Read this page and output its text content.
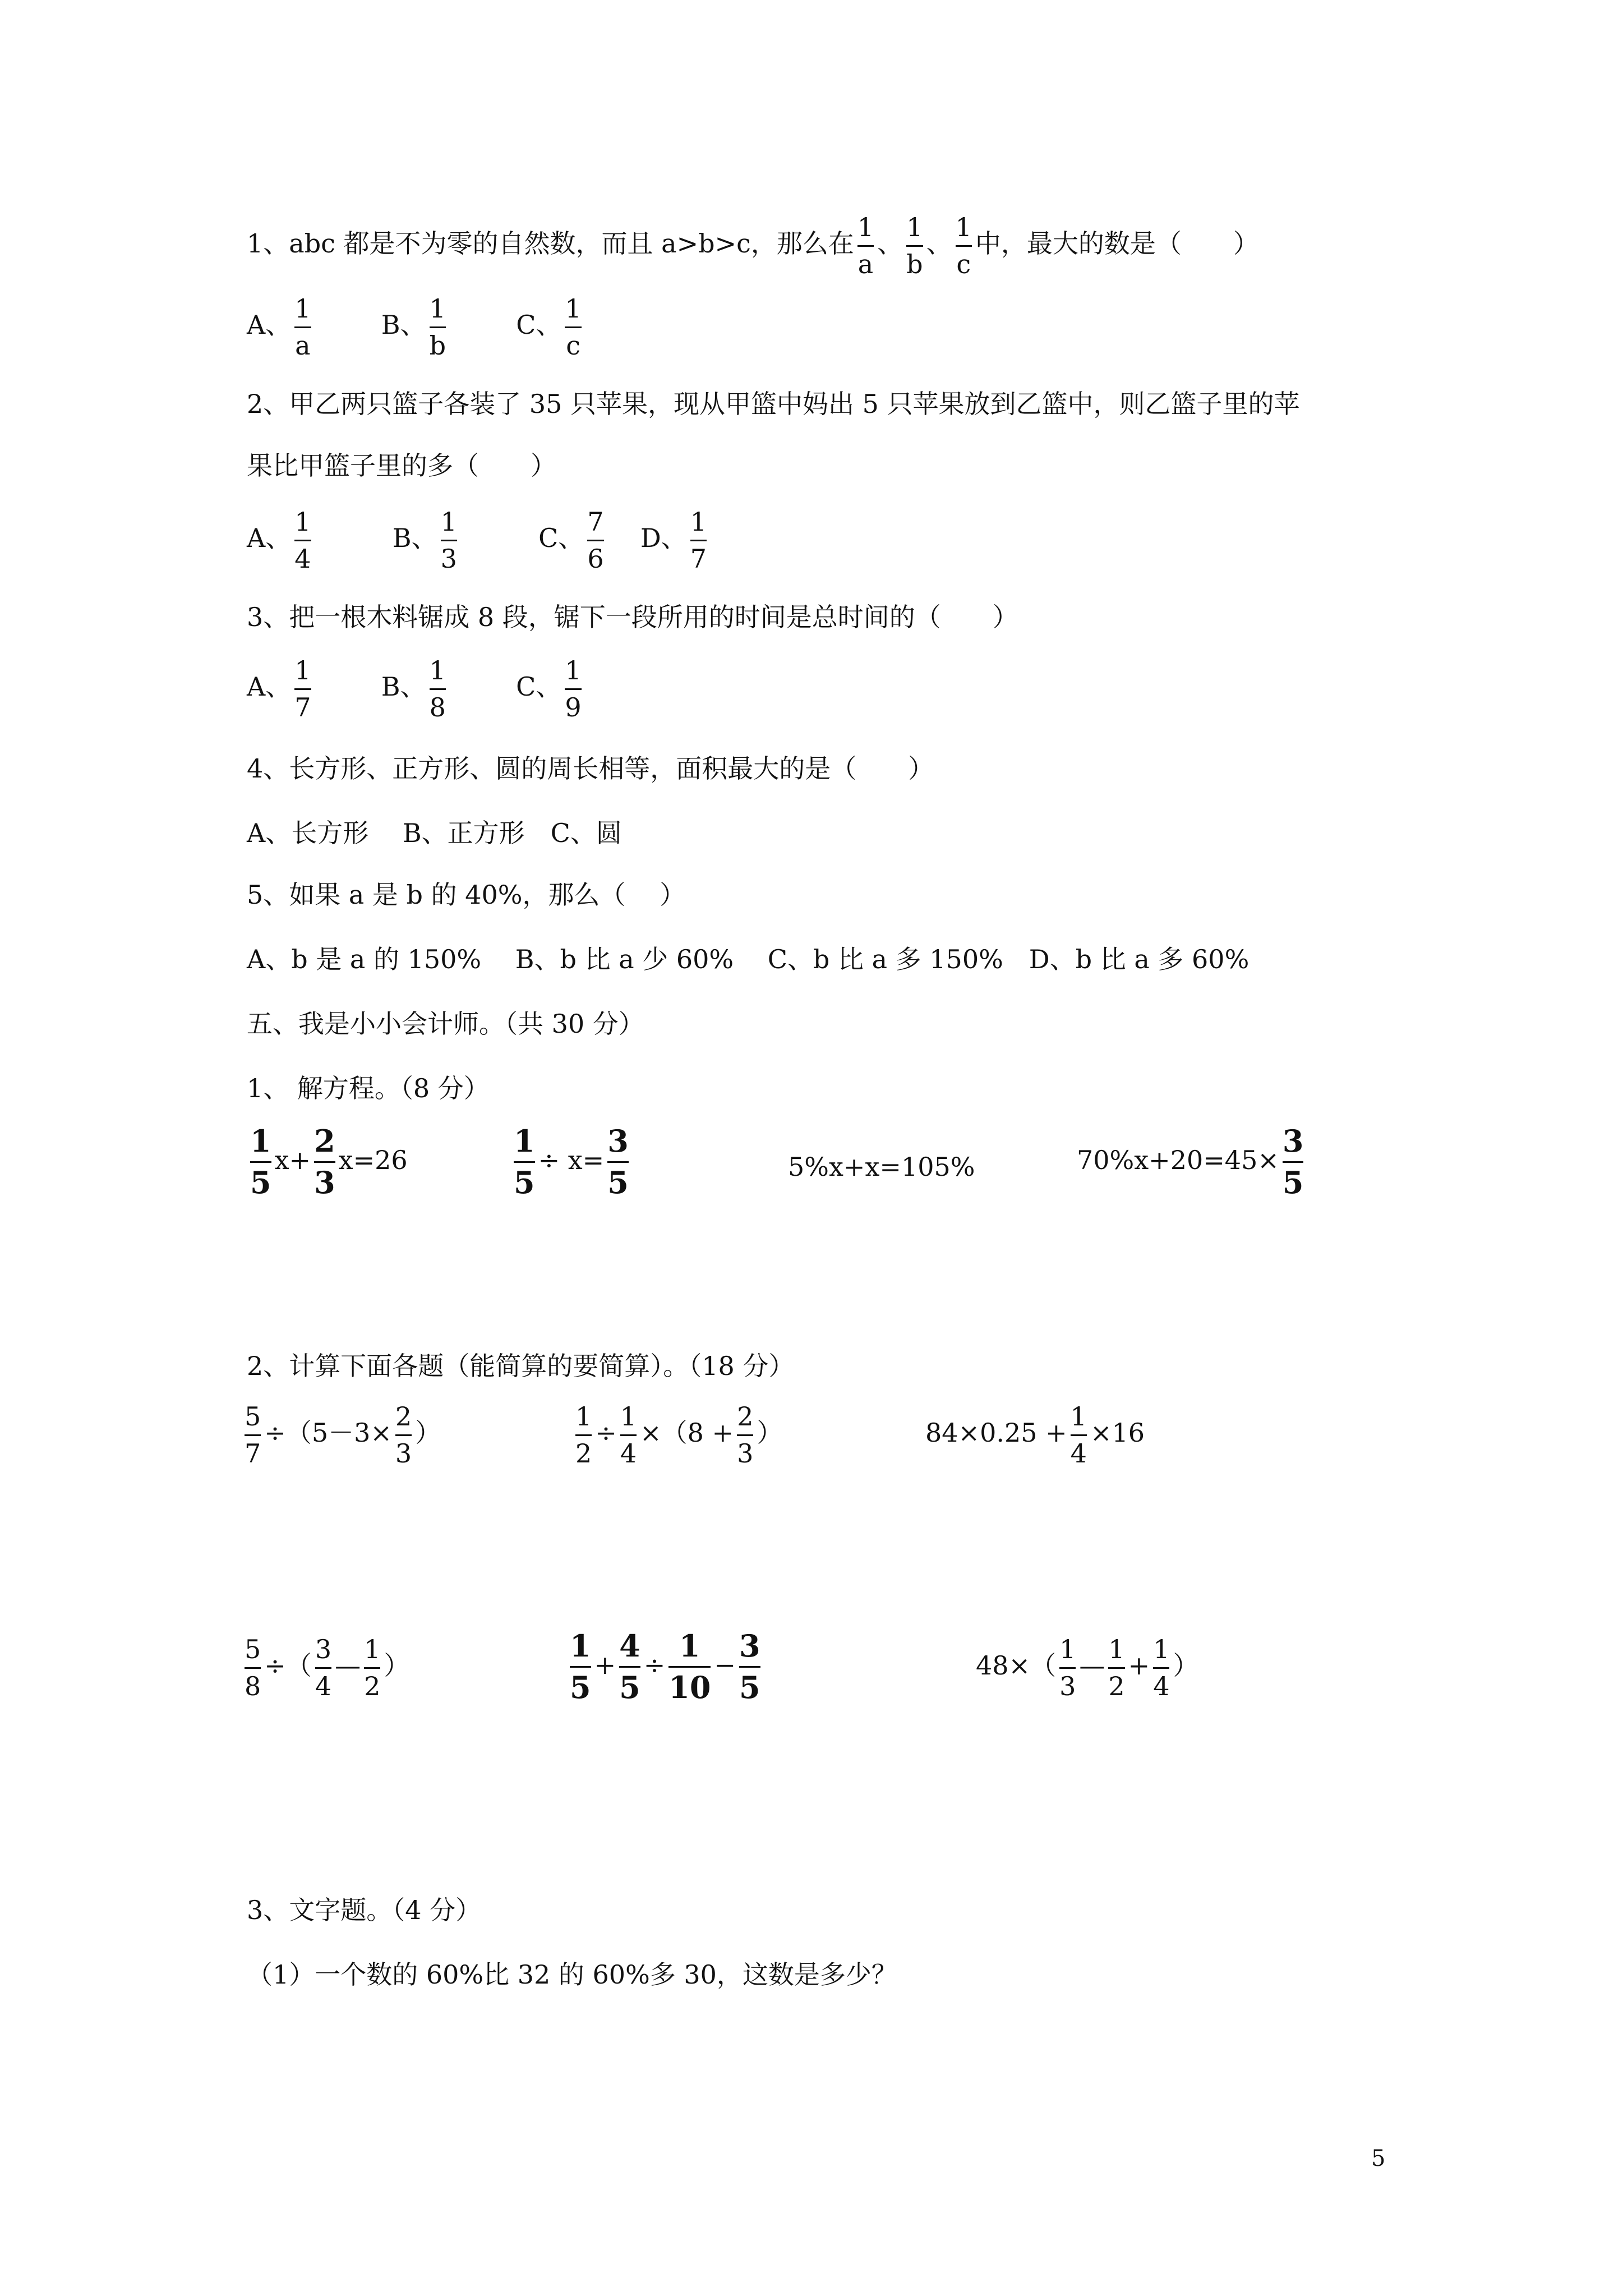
1、abc 都是不为零的自然数，而且 a>b>c，那么在 $\frac{1}{a}$ 、 $\frac{1}{b}$ 、 $\frac{1}{c}$ 中，最大的数是（　　）
A、 $\frac{1}{a}$	B、 $\frac{1}{b}$	C、 $\frac{1}{c}$
2、甲乙两只篮子各装了 35 只苹果，现从甲篮中妈出 5 只苹果放到乙篮中，则乙篮子里的苹
果比甲篮子里的多（　　）
A、 $\frac{1}{4}$	B、 $\frac{1}{3}$	C、 $\frac{7}{6}$ D、 $\frac{1}{7}$
3、把一根木料锯成 8 段，锯下一段所用的时间是总时间的（　　）
A、 $\frac{1}{7}$	B、 $\frac{1}{8}$	C、 $\frac{1}{9}$
4、长方形、正方形、圆的周长相等，面积最大的是（　　）
A、长方形　 B、正方形　C、圆
5、如果 a 是 b 的 40%，那么（　 ）
A、b 是 a 的 150%　 B、b 比 a 少 60%　 C、b 比 a 多 150%　D、b 比 a 多 60%
五、我是小小会计师。（共 30 分）
1、 解方程。（8 分）
$\frac{1}{5} x+ \frac{2}{3} x=26$	$\frac{1}{5} \div x= \frac{3}{5}$	5%x+x=105%	$70\%x+20=45\times \frac{3}{5}$
2、计算下面各题（能简算的要简算）。（18 分）
$\frac{5}{7} \div(5-3\times \frac{2}{3}$ ）	$\frac{1}{2} \div \frac{1}{4} \times(8 + \frac{2}{3}$ ）	$84\times 0.25 + \frac{1}{4} \times 16$
$\frac{5}{8}$ ÷（ $\frac{3}{4}$ — $\frac{1}{2}$ ）	$\frac{1}{5} + \frac{4}{5} \div \frac{1}{10} - \frac{3}{5}$	$48\times( \frac{1}{3}$ — $\frac{1}{2} + \frac{1}{4}$ ）
3、文字题。（4 分）
（1）一个数的 60%比 32 的 60%多 30，这数是多少？
5
